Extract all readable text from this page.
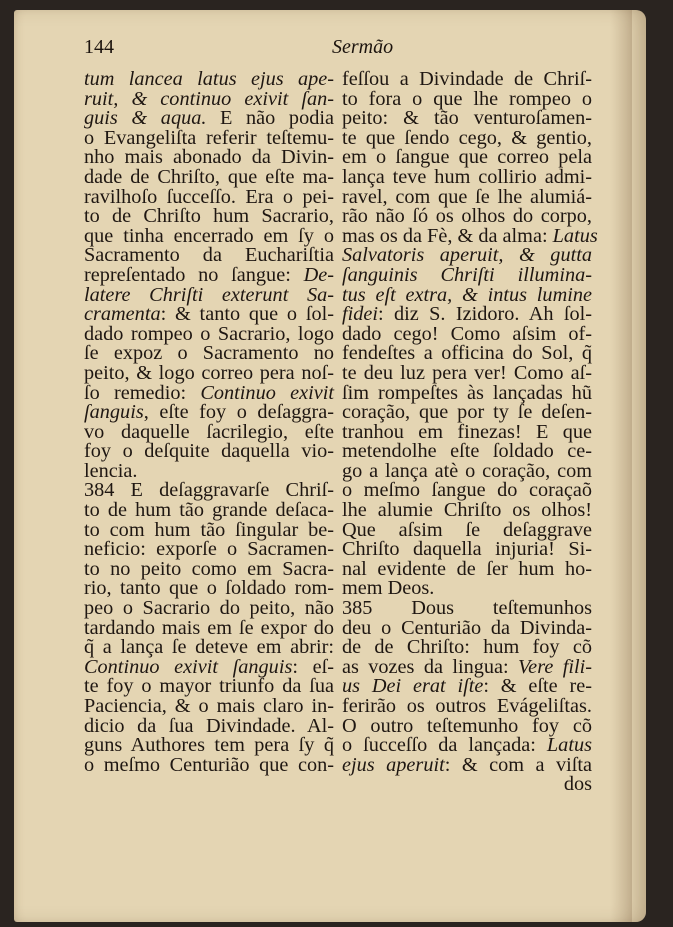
144	Sermão
tum lancea latus ejus ape-
ruit, & continuo exivit ſan-
guis & aqua. E não podia
o Evangeliſta referir teſtemu-
nho mais abonado da Divin-
dade de Chriſto, que eſte ma-
ravilhoſo ſucceſſo. Era o pei-
to de Chriſto hum Sacrario,
que tinha encerrado em ſy o
Sacramento da Euchariſtia
repreſentado no ſangue: De-
latere Chriſti exterunt Sa-
cramenta: & tanto que o ſol-
dado rompeo o Sacrario, logo
ſe expoz o Sacramento no
peito, & logo correo pera noſ-
ſo remedio: Continuo exivit
ſanguis, eſte foy o deſaggra-
vo daquelle ſacrilegio, eſte
foy o deſquite daquella vio-
lencia.
384 E deſaggravarſe Chriſ-
to de hum tão grande deſaca-
to com hum tão ſingular be-
neficio: exporſe o Sacramen-
to no peito como em Sacra-
rio, tanto que o ſoldado rom-
peo o Sacrario do peito, não
tardando mais em ſe expor do
q̃ a lança ſe deteve em abrir:
Continuo exivit ſanguis: eſ-
te foy o mayor triunfo da ſua
Paciencia, & o mais claro in-
dicio da ſua Divindade. Al-
guns Authores tem pera ſy q̃
o meſmo Centurião que con-
feſſou a Divindade de Chriſ-
to fora o que lhe rompeo o
peito: & tão venturoſamen-
te que ſendo cego, & gentio,
em o ſangue que correo pela
lança teve hum collirio admi-
ravel, com que ſe lhe alumiá-
rão não ſó os olhos do corpo,
mas os da Fè, & da alma: Latus
Salvatoris aperuit, & gutta
ſanguinis Chriſti illumina-
tus eſt extra, & intus lumine
fidei: diz S. Izidoro. Ah ſol-
dado cego! Como aſsim of-
fendeſtes a officina do Sol, q̃
te deu luz pera ver! Como aſ-
ſim rompeſtes às lançadas hũ
coração, que por ty ſe deſen-
tranhou em finezas! E que
metendolhe eſte ſoldado ce-
go a lança atè o coração, com
o meſmo ſangue do coraçaõ
lhe alumie Chriſto os olhos!
Que aſsim ſe deſaggrave
Chriſto daquella injuria! Si-
nal evidente de ſer hum ho-
mem Deos.
385 Dous teſtemunhos
deu o Centurião da Divinda-
de de Chriſto: hum foy cõ
as vozes da lingua: Vere fili-
us Dei erat iſte: & eſte re-
ferirão os outros Evágeliſtas.
O outro teſtemunho foy cõ
o ſucceſſo da lançada: Latus
ejus aperuit: & com a viſta
dos
